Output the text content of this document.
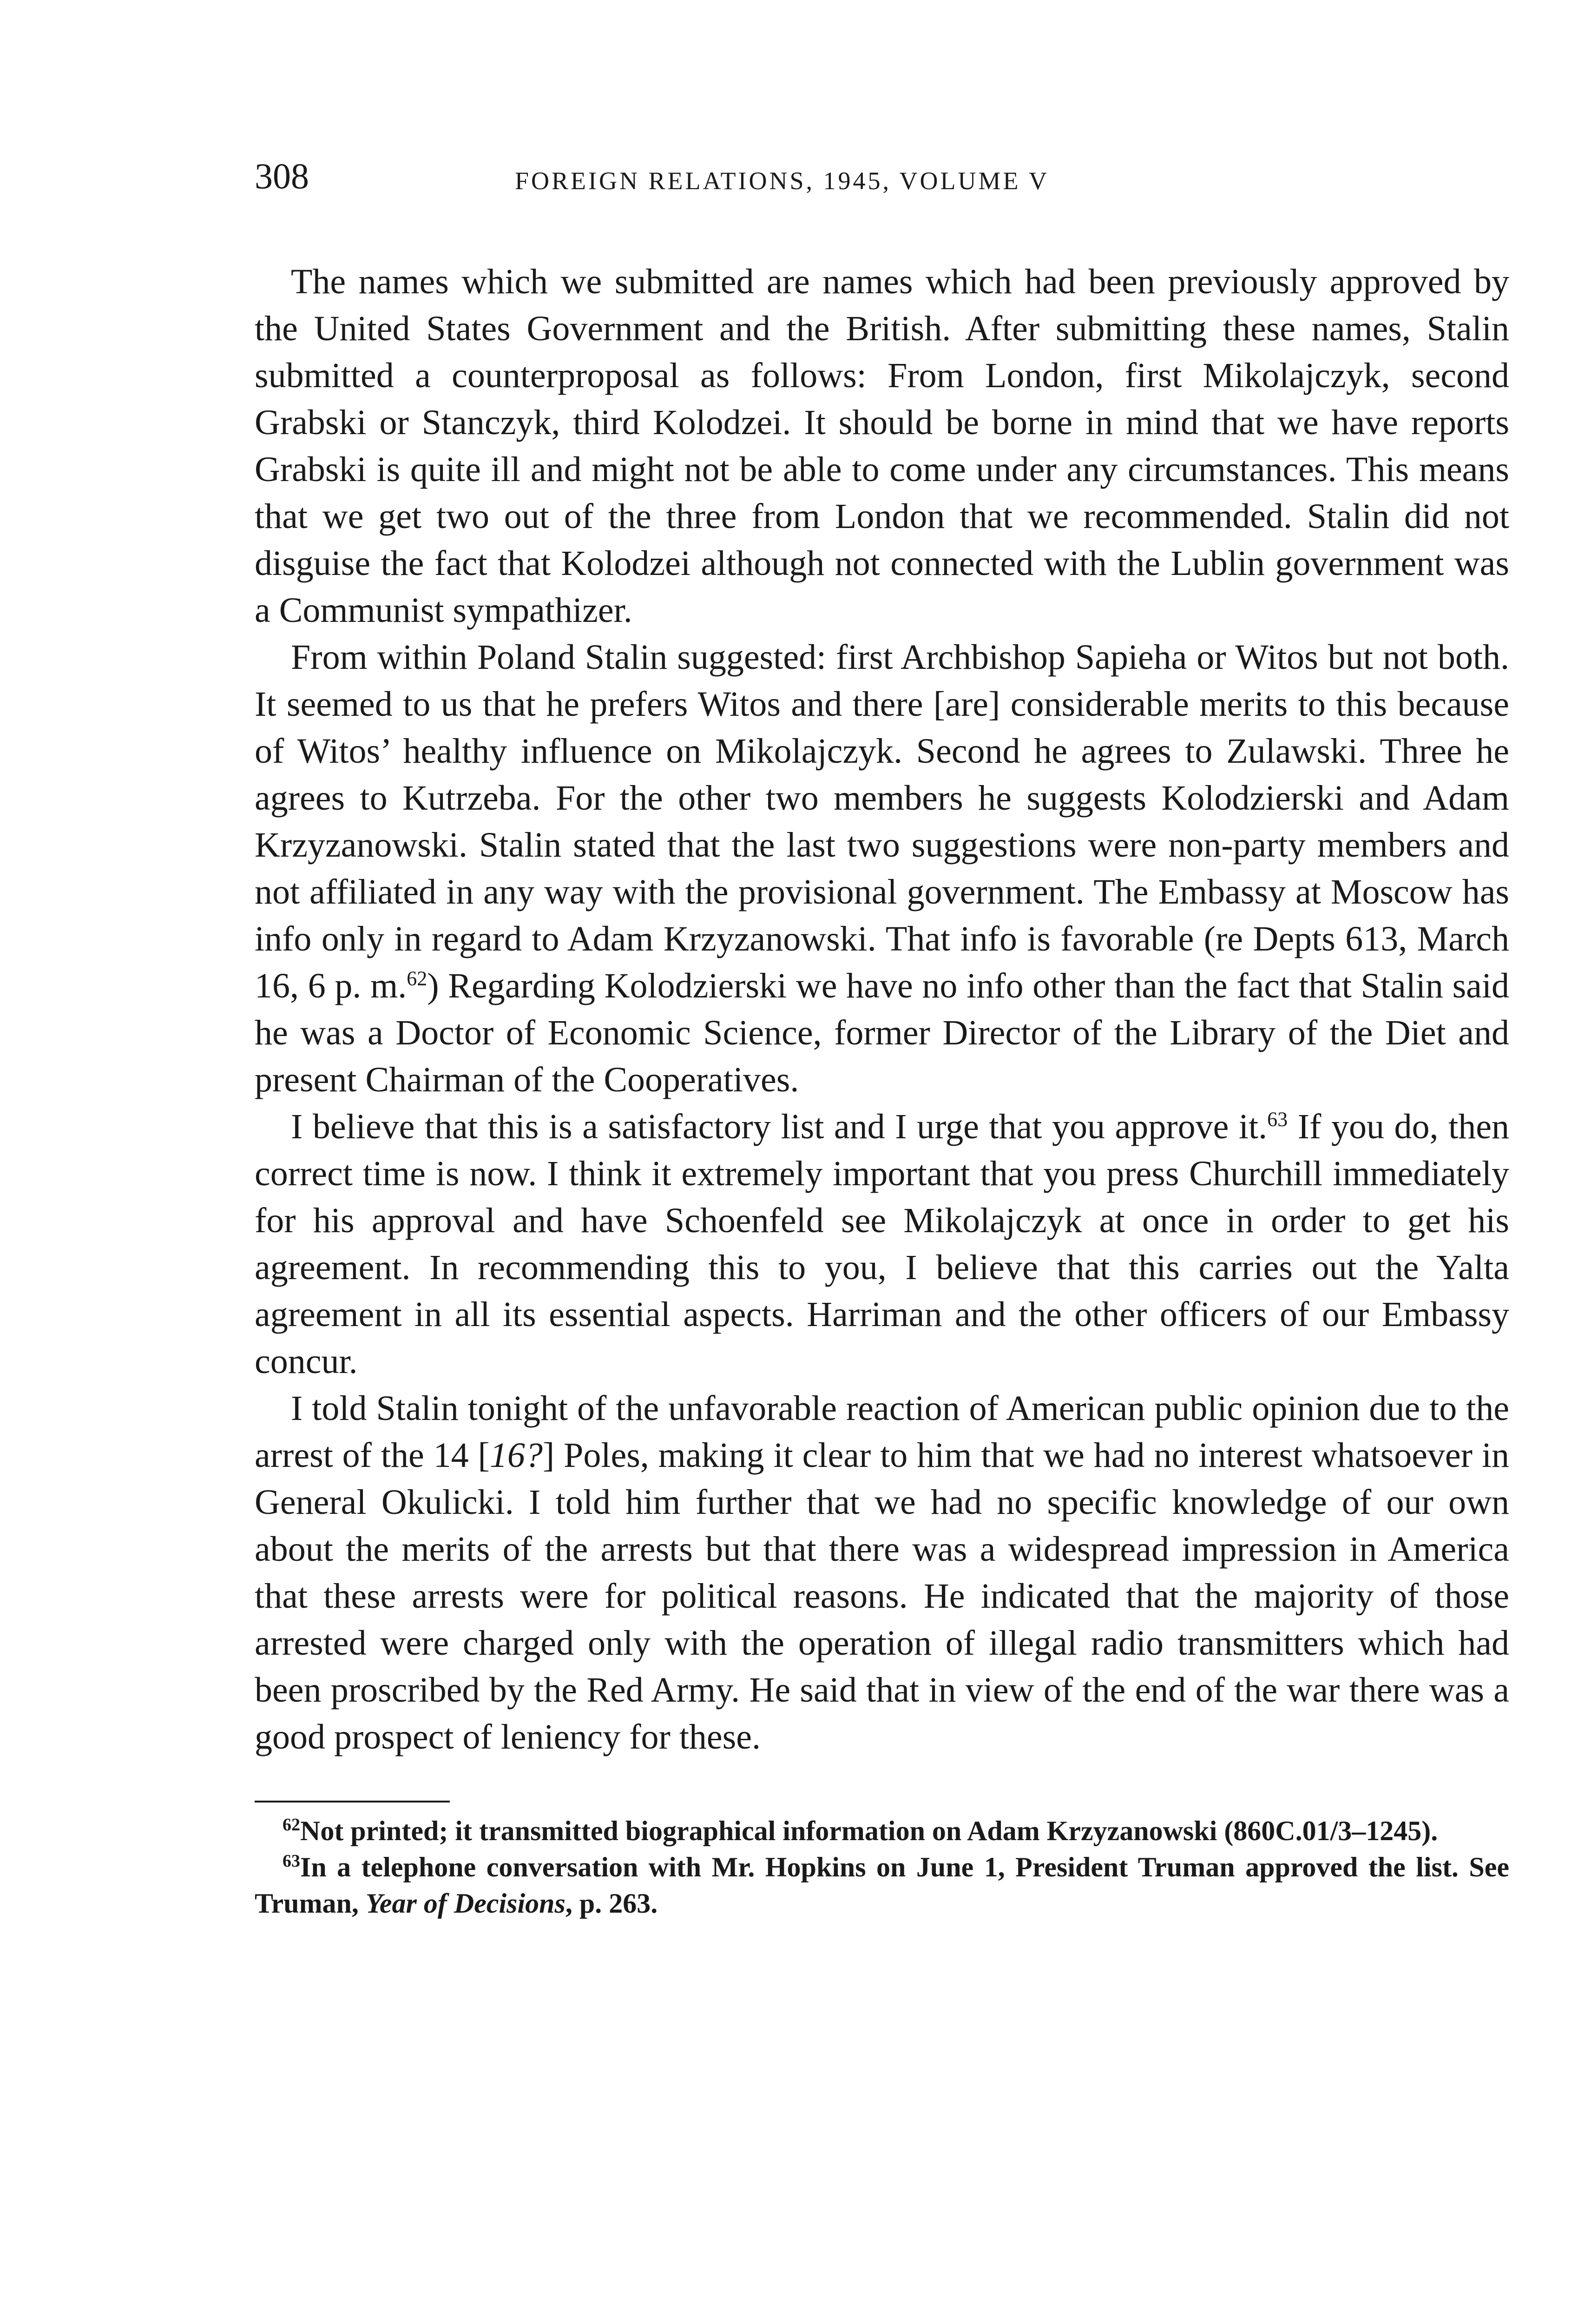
308	FOREIGN RELATIONS, 1945, VOLUME V

The names which we submitted are names which had been previously approved by the United States Government and the British. After submitting these names, Stalin submitted a counterproposal as follows: From London, first Mikolajczyk, second Grabski or Stanczyk, third Kolodzei. It should be borne in mind that we have reports Grabski is quite ill and might not be able to come under any circumstances. This means that we get two out of the three from London that we recommended. Stalin did not disguise the fact that Kolodzei although not connected with the Lublin government was a Communist sympathizer.

From within Poland Stalin suggested: first Archbishop Sapieha or Witos but not both. It seemed to us that he prefers Witos and there [are] considerable merits to this because of Witos’ healthy influence on Mikolajczyk. Second he agrees to Zulawski. Three he agrees to Kutrzeba. For the other two members he suggests Kolodzierski and Adam Krzyzanowski. Stalin stated that the last two suggestions were non-party members and not affiliated in any way with the provisional government. The Embassy at Moscow has info only in regard to Adam Krzyzanowski. That info is favorable (re Depts 613, March 16, 6 p. m.$^{62}$) Regarding Kolodzierski we have no info other than the fact that Stalin said he was a Doctor of Economic Science, former Director of the Library of the Diet and present Chairman of the Cooperatives.

I believe that this is a satisfactory list and I urge that you approve it.$^{63}$ If you do, then correct time is now. I think it extremely important that you press Churchill immediately for his approval and have Schoenfeld see Mikolajczyk at once in order to get his agreement. In recommending this to you, I believe that this carries out the Yalta agreement in all its essential aspects. Harriman and the other officers of our Embassy concur.

I told Stalin tonight of the unfavorable reaction of American public opinion due to the arrest of the 14 [16?] Poles, making it clear to him that we had no interest whatsoever in General Okulicki. I told him further that we had no specific knowledge of our own about the merits of the arrests but that there was a widespread impression in America that these arrests were for political reasons. He indicated that the majority of those arrested were charged only with the operation of illegal radio transmitters which had been proscribed by the Red Army. He said that in view of the end of the war there was a good prospect of leniency for these.

$^{62}$Not printed; it transmitted biographical information on Adam Krzyzanowski (860C.01/3–1245).

$^{63}$In a telephone conversation with Mr. Hopkins on June 1, President Truman approved the list. See Truman, Year of Decisions, p. 263.
